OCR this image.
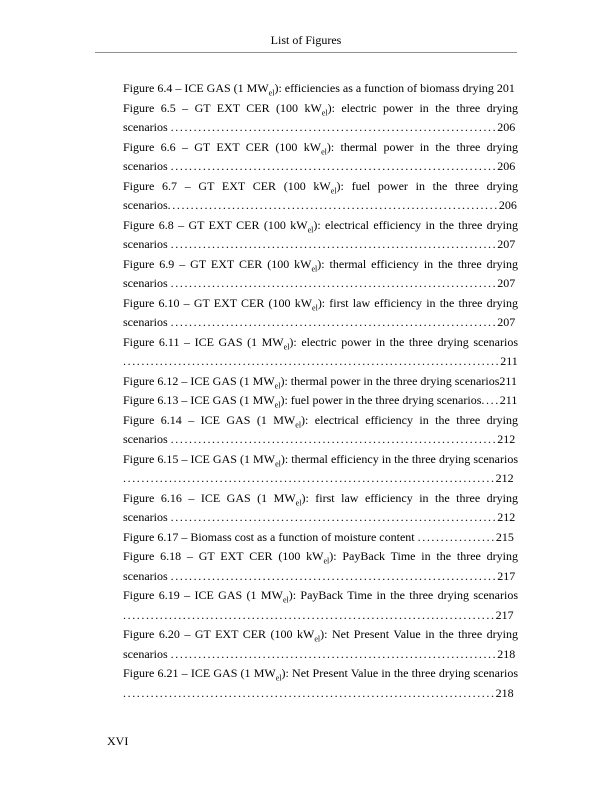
List of Figures

Figure 6.4 – ICE GAS (1 $MW_{el}$): efficiencies as a function of biomass drying 201

Figure 6.5 – GT EXT CER (100 $kW_{el}$): electric power in the three drying scenarios .......................................................................206

Figure 6.6 – GT EXT CER (100 $kW_{el}$): thermal power in the three drying scenarios .......................................................................206

Figure 6.7 – GT EXT CER (100 $kW_{el}$): fuel power in the three drying scenarios........................................................................206

Figure 6.8 – GT EXT CER (100 $kW_{el}$): electrical efficiency in the three drying scenarios .......................................................................207

Figure 6.9 – GT EXT CER (100 $kW_{el}$): thermal efficiency in the three drying scenarios .......................................................................207

Figure 6.10 – GT EXT CER (100 $kW_{el}$): first law efficiency in the three drying scenarios .......................................................................207

Figure 6.11 – ICE GAS (1 $MW_{el}$): electric power in the three drying scenarios ..................................................................................211

Figure 6.12 – ICE GAS (1 $MW_{el}$): thermal power in the three drying scenarios211

Figure 6.13 – ICE GAS (1 $MW_{el}$): fuel power in the three drying scenarios....211

Figure 6.14 – ICE GAS (1 $MW_{el}$): electrical efficiency in the three drying scenarios .......................................................................212

Figure 6.15 – ICE GAS (1 $MW_{el}$): thermal efficiency in the three drying scenarios .................................................................................212

Figure 6.16 – ICE GAS (1 $MW_{el}$): first law efficiency in the three drying scenarios .......................................................................212

Figure 6.17 – Biomass cost as a function of moisture content .................215

Figure 6.18 – GT EXT CER (100 $kW_{el}$): PayBack Time in the three drying scenarios .......................................................................217

Figure 6.19 – ICE GAS (1 $MW_{el}$): PayBack Time in the three drying scenarios .................................................................................217

Figure 6.20 – GT EXT CER (100 $kW_{el}$): Net Present Value in the three drying scenarios .......................................................................218

Figure 6.21 – ICE GAS (1 $MW_{el}$): Net Present Value in the three drying scenarios .................................................................................218

XVI
